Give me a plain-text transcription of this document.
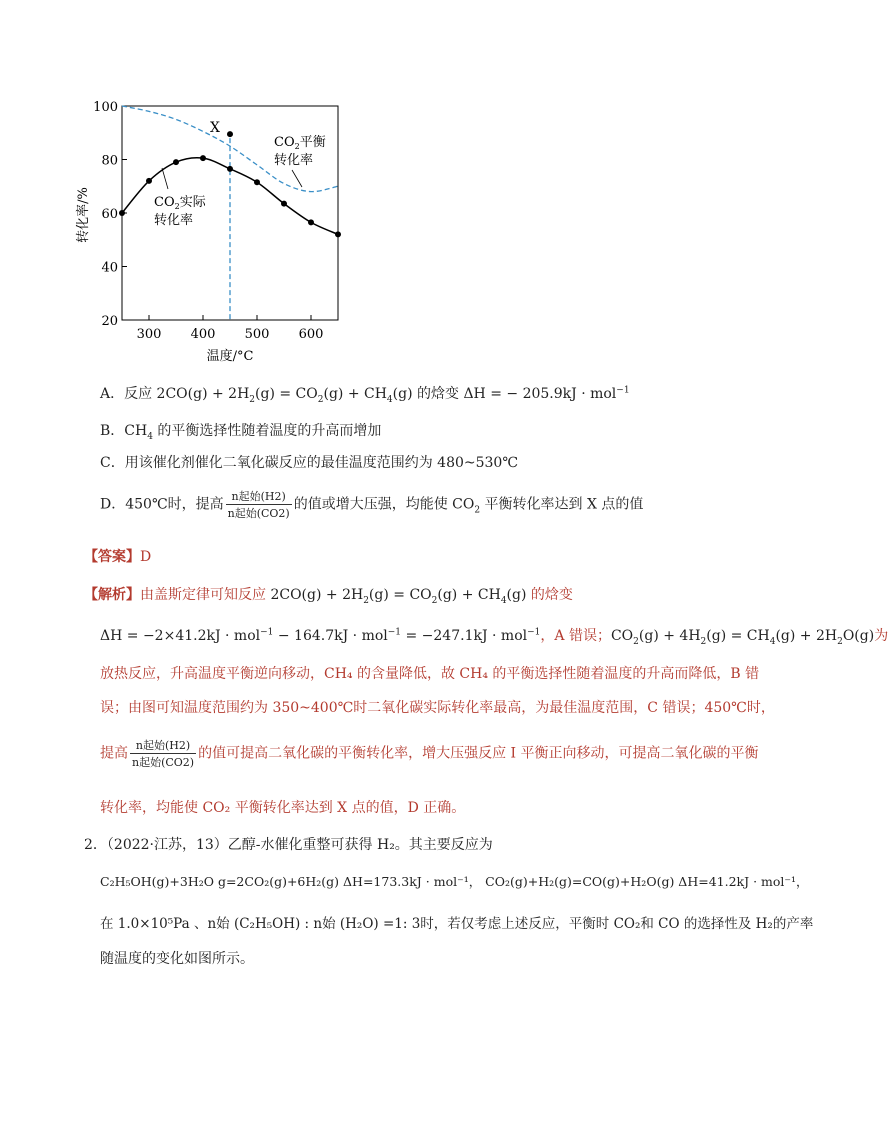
20
40
60
80
100
300 400 500 600
X
$CO_2$平衡
转化率
$CO_2$实际
转化率
转化率/%
温度/°C
A．反应 $2CO(g) + 2H_2(g) = CO_2(g) + CH_4(g)$ 的焓变 ΔH = − 205.9kJ · mol$^{-1}$
B．$CH_4$ 的平衡选择性随着温度的升高而增加
C．用该催化剂催化二氧化碳反应的最佳温度范围约为 480~530℃
D．450℃时，提高 $\frac{\text{n起始(H2)}}{\text{n起始(CO2)}}$ 的值或增大压强，均能使 $CO_2$ 平衡转化率达到 X 点的值
【答案】D
【解析】由盖斯定律可知反应 $2CO(g) + 2H_2(g) = CO_2(g) + CH_4(g)$ 的焓变
ΔH = −2×41.2kJ · mol$^{-1}$ − 164.7kJ · mol$^{-1}$ = −247.1kJ · mol$^{-1}$，A 错误；$CO_2(g) + 4H_2(g) = CH_4(g) + 2H_2O(g)$为
放热反应，升高温度平衡逆向移动，CH₄ 的含量降低，故 CH₄ 的平衡选择性随着温度的升高而降低，B 错
误；由图可知温度范围约为 350~400℃时二氧化碳实际转化率最高，为最佳温度范围，C 错误；450℃时，
提高 $\frac{\text{n起始(H2)}}{\text{n起始(CO2)}}$ 的值可提高二氧化碳的平衡转化率，增大压强反应 I 平衡正向移动，可提高二氧化碳的平衡
转化率，均能使 CO₂ 平衡转化率达到 X 点的值，D 正确。
2．（2022·江苏，13）乙醇-水催化重整可获得 H₂。其主要反应为
C₂H₅OH(g)+3H₂O g=2CO₂(g)+6H₂(g) ΔH=173.3kJ · mol⁻¹， CO₂(g)+H₂(g)=CO(g)+H₂O(g) ΔH=41.2kJ · mol⁻¹，
在 1.0×10⁵Pa 、n始 (C₂H₅OH) : n始 (H₂O) =1: 3时，若仅考虑上述反应，平衡时 CO₂和 CO 的选择性及 H₂的产率
随温度的变化如图所示。
